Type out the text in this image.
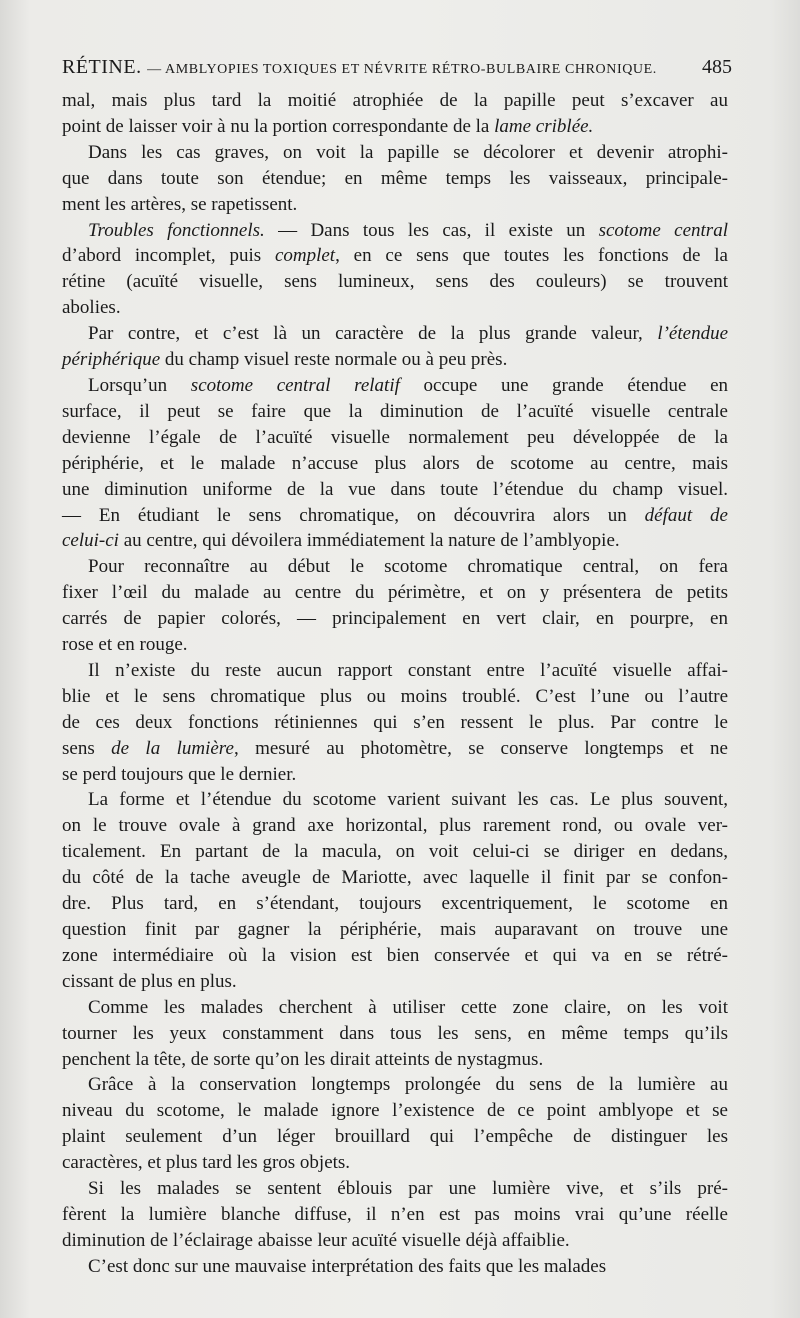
RÉTINE. — AMBLYOPIES TOXIQUES ET NÉVRITE RÉTRO-BULBAIRE CHRONIQUE. 485

mal, mais plus tard la moitié atrophiée de la papille peut s’excaver au
point de laisser voir à nu la portion correspondante de la lame criblée.

Dans les cas graves, on voit la papille se décolorer et devenir atrophi-
que dans toute son étendue; en même temps les vaisseaux, principale-
ment les artères, se rapetissent.

Troubles fonctionnels. — Dans tous les cas, il existe un scotome central
d’abord incomplet, puis complet, en ce sens que toutes les fonctions de la
rétine (acuïté visuelle, sens lumineux, sens des couleurs) se trouvent
abolies.

Par contre, et c’est là un caractère de la plus grande valeur, l’étendue
périphérique du champ visuel reste normale ou à peu près.

Lorsqu’un scotome central relatif occupe une grande étendue en
surface, il peut se faire que la diminution de l’acuïté visuelle centrale
devienne l’égale de l’acuïté visuelle normalement peu développée de la
périphérie, et le malade n’accuse plus alors de scotome au centre, mais
une diminution uniforme de la vue dans toute l’étendue du champ visuel.
— En étudiant le sens chromatique, on découvrira alors un défaut de
celui-ci au centre, qui dévoilera immédiatement la nature de l’amblyopie.

Pour reconnaître au début le scotome chromatique central, on fera
fixer l’œil du malade au centre du périmètre, et on y présentera de petits
carrés de papier colorés, — principalement en vert clair, en pourpre, en
rose et en rouge.

Il n’existe du reste aucun rapport constant entre l’acuïté visuelle affai-
blie et le sens chromatique plus ou moins troublé. C’est l’une ou l’autre
de ces deux fonctions rétiniennes qui s’en ressent le plus. Par contre le
sens de la lumière, mesuré au photomètre, se conserve longtemps et ne
se perd toujours que le dernier.

La forme et l’étendue du scotome varient suivant les cas. Le plus souvent,
on le trouve ovale à grand axe horizontal, plus rarement rond, ou ovale ver-
ticalement. En partant de la macula, on voit celui-ci se diriger en dedans,
du côté de la tache aveugle de Mariotte, avec laquelle il finit par se confon-
dre. Plus tard, en s’étendant, toujours excentriquement, le scotome en
question finit par gagner la périphérie, mais auparavant on trouve une
zone intermédiaire où la vision est bien conservée et qui va en se rétré-
cissant de plus en plus.

Comme les malades cherchent à utiliser cette zone claire, on les voit
tourner les yeux constamment dans tous les sens, en même temps qu’ils
penchent la tête, de sorte qu’on les dirait atteints de nystagmus.

Grâce à la conservation longtemps prolongée du sens de la lumière au
niveau du scotome, le malade ignore l’existence de ce point amblyope et se
plaint seulement d’un léger brouillard qui l’empêche de distinguer les
caractères, et plus tard les gros objets.

Si les malades se sentent éblouis par une lumière vive, et s’ils pré-
fèrent la lumière blanche diffuse, il n’en est pas moins vrai qu’une réelle
diminution de l’éclairage abaisse leur acuïté visuelle déjà affaiblie.

C’est donc sur une mauvaise interprétation des faits que les malades
